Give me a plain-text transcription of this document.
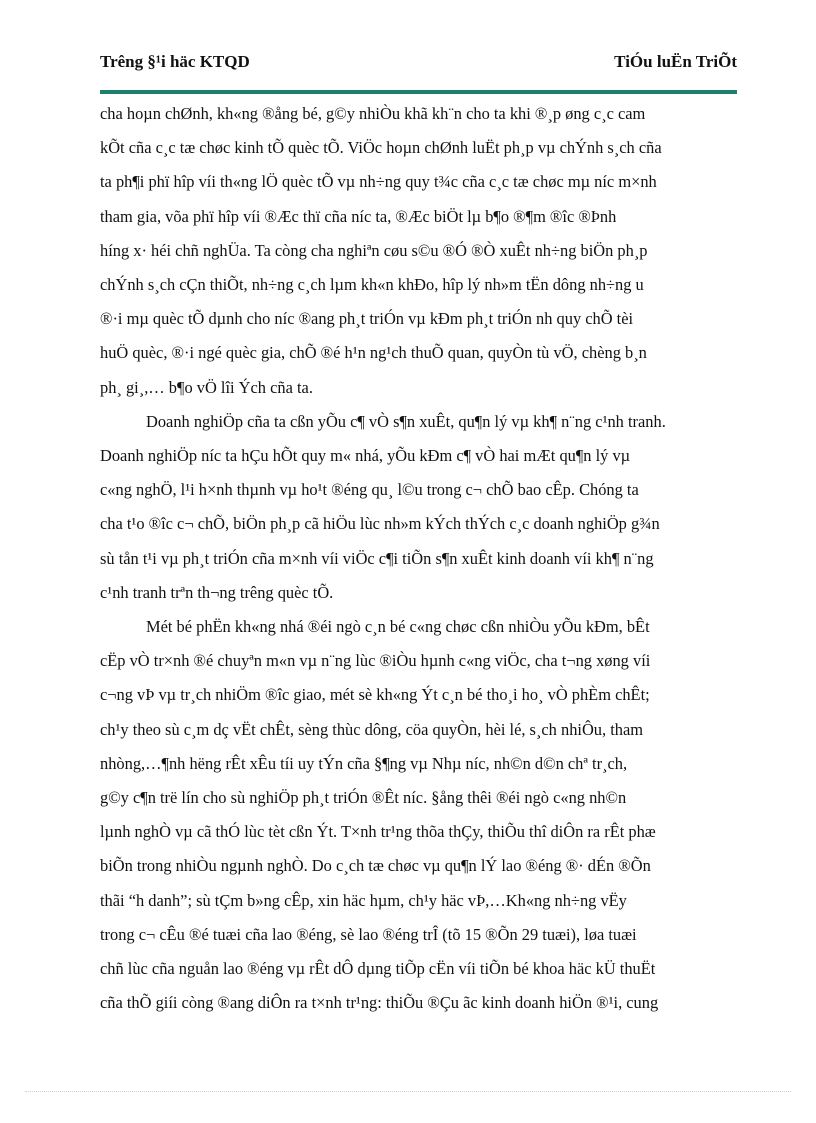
Trêng §¹i häc KTQD	TiÓu luËn TriÕt
cha hoµn chØnh, kh«ng ®ång bé, g©y nhiÒu khã kh¨n cho ta khi ®¸p øng c¸c cam
kÕt cña c¸c tæ chøc kinh tÕ quèc tÕ. ViÖc hoµn chØnh luËt ph¸p vµ chÝnh s¸ch cña
ta ph¶i phï hîp víi th«ng lÖ quèc tÕ vµ nh÷ng quy t¾c cña c¸c tæ chøc mµ níc m×nh
tham gia, võa phï hîp víi ®Æc thï cña níc ta, ®Æc biÖt lµ b¶o ®¶m ®îc ®Þnh
híng x· héi chñ nghÜa. Ta còng cha nghiªn cøu s©u ®Ó ®Ò xuÊt nh÷ng biÖn ph¸p
chÝnh s¸ch cÇn thiÕt, nh÷ng c¸ch lµm kh«n khÐo, hîp lý nh»m tËn dông nh÷ng u
®·i mµ quèc tÕ dµnh cho níc ®ang ph¸t triÓn vµ kÐm ph¸t triÓn nh quy chÕ tèi
huÖ quèc, ®·i ngé quèc gia, chÕ ®é h¹n ng¹ch thuÕ quan, quyÒn tù vÖ, chèng b¸n
ph¸ gi¸,… b¶o vÖ lîi Ých cña ta.
Doanh nghiÖp cña ta cßn yÕu c¶ vÒ s¶n xuÊt, qu¶n lý vµ kh¶ n¨ng c¹nh tranh.
Doanh nghiÖp níc ta hÇu hÕt quy m« nhá, yÕu kÐm c¶ vÒ hai mÆt qu¶n lý vµ
c«ng nghÖ, l¹i h×nh thµnh vµ ho¹t ®éng qu¸ l©u trong c¬ chÕ bao cÊp. Chóng ta
cha t¹o ®îc c¬ chÕ, biÖn ph¸p cã hiÖu lùc nh»m kÝch thÝch c¸c doanh nghiÖp g¾n
sù tån t¹i vµ ph¸t triÓn cña m×nh víi viÖc c¶i tiÕn s¶n xuÊt kinh doanh víi kh¶ n¨ng
c¹nh tranh trªn th¬ng trêng quèc tÕ.
Mét bé phËn kh«ng nhá ®éi ngò c¸n bé c«ng chøc cßn nhiÒu yÕu kÐm, bÊt
cËp vÒ tr×nh ®é chuyªn m«n vµ n¨ng lùc ®iÒu hµnh c«ng viÖc, cha t¬ng xøng víi
c¬ng vÞ vµ tr¸ch nhiÖm ®îc giao, mét sè kh«ng Ýt c¸n bé tho¸i ho¸ vÒ phÈm chÊt;
ch¹y theo sù c¸m dç vËt chÊt, sèng thùc dông, cöa quyÒn, hèi lé, s¸ch nhiÔu, tham
nhòng,…¶nh hëng rÊt xÊu tíi uy tÝn cña §¶ng vµ Nhµ níc, nh©n d©n chª tr¸ch,
g©y c¶n trë lín cho sù nghiÖp ph¸t triÓn ®Êt níc. §ång thêi ®éi ngò c«ng nh©n
lµnh nghÒ vµ cã thÓ lùc tèt cßn Ýt. T×nh tr¹ng thõa thÇy, thiÕu thî diÔn ra rÊt phæ
biÕn trong nhiÒu ngµnh nghÒ. Do c¸ch tæ chøc vµ qu¶n lÝ lao ®éng ®· dÉn ®Õn
thãi “h danh”; sù tÇm b»ng cÊp, xin häc hµm, ch¹y häc vÞ,…Kh«ng nh÷ng vËy
trong c¬ cÊu ®é tuæi cña lao ®éng, sè lao ®éng trÎ (tõ 15 ®Õn 29 tuæi), løa tuæi
chñ lùc cña nguån lao ®éng vµ rÊt dÔ dµng tiÕp cËn víi tiÕn bé khoa häc kÜ thuËt
cña thÕ giíi còng ®ang diÔn ra t×nh tr¹ng: thiÕu ®Çu ãc kinh doanh hiÖn ®¹i, cung
